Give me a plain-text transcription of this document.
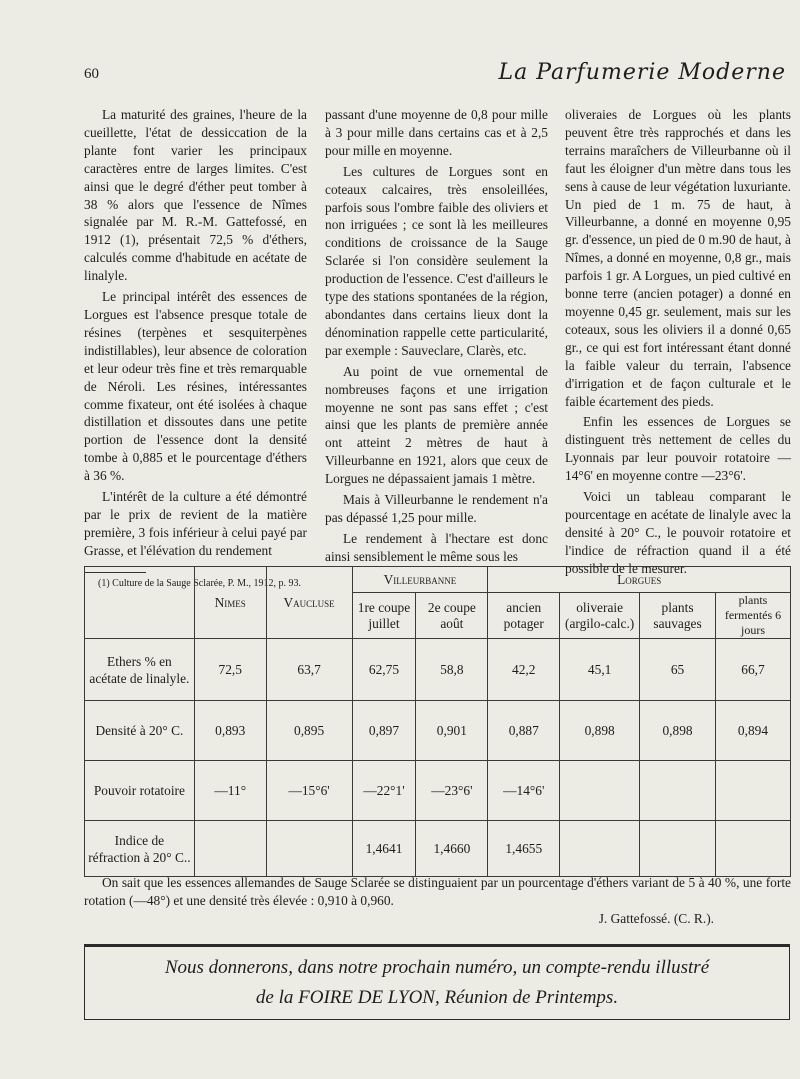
60	La Parfumerie Moderne

La maturité des graines, l'heure de la cueillette, l'état de dessiccation de la plante font varier les principaux caractères entre de larges limites. C'est ainsi que le degré d'éther peut tomber à 38 % alors que l'essence de Nîmes signalée par M. R.-M. Gattefossé, en 1912 (1), présentait 72,5 % d'éthers, calculés comme d'habitude en acétate de linalyle.

Le principal intérêt des essences de Lorgues est l'absence presque totale de résines (terpènes et sesquiterpènes indistillables), leur absence de coloration et leur odeur très fine et très remarquable de Néroli. Les résines, intéressantes comme fixateur, ont été isolées à chaque distillation et dissoutes dans une petite portion de l'essence dont la densité tombe à 0,885 et le pourcentage d'éthers à 36 %.

L'intérêt de la culture a été démontré par le prix de revient de la matière première, 3 fois inférieur à celui payé par Grasse, et l'élévation du rendement

(1) Culture de la Sauge Sclarée, P. M., 1912, p. 93.

passant d'une moyenne de 0,8 pour mille à 3 pour mille dans certains cas et à 2,5 pour mille en moyenne.

Les cultures de Lorgues sont en coteaux calcaires, très ensoleillées, parfois sous l'ombre faible des oliviers et non irriguées ; ce sont là les meilleures conditions de croissance de la Sauge Sclarée si l'on considère seulement la production de l'essence. C'est d'ailleurs le type des stations spontanées de la région, abondantes dans certains lieux dont la dénomination rappelle cette particularité, par exemple : Sauveclare, Clarès, etc.

Au point de vue ornemental de nombreuses façons et une irrigation moyenne ne sont pas sans effet ; c'est ainsi que les plants de première année ont atteint 2 mètres de haut à Villeurbanne en 1921, alors que ceux de Lorgues ne dépassaient jamais 1 mètre.

Mais à Villeurbanne le rendement n'a pas dépassé 1,25 pour mille.

Le rendement à l'hectare est donc ainsi sensiblement le même sous les

oliveraies de Lorgues où les plants peuvent être très rapprochés et dans les terrains maraîchers de Villeurbanne où il faut les éloigner d'un mètre dans tous les sens à cause de leur végétation luxuriante. Un pied de 1 m. 75 de haut, à Villeurbanne, a donné en moyenne 0,95 gr. d'essence, un pied de 0 m.90 de haut, à Nîmes, a donné en moyenne, 0,8 gr., mais parfois 1 gr. A Lorgues, un pied cultivé en bonne terre (ancien potager) a donné en moyenne 0,45 gr. seulement, mais sur les coteaux, sous les oliviers il a donné 0,65 gr., ce qui est fort intéressant étant donné la faible valeur du terrain, l'absence d'irrigation et de façon culturale et le faible écartement des pieds.

Enfin les essences de Lorgues se distinguent très nettement de celles du Lyonnais par leur pouvoir rotatoire —14°6' en moyenne contre —23°6'.

Voici un tableau comparant le pourcentage en acétate de linalyle avec la densité à 20° C., le pouvoir rotatoire et l'indice de réfraction quand il a été possible de le mesurer.

	Nimes	Vaucluse	Villeurbanne		Lorgues			
			1re coupe juillet	2e coupe août	ancien potager	oliveraie (argilo-calc.)	plants sauvages	plants fermentés 6 jours
Ethers % en acétate de linalyle.	72,5	63,7	62,75	58,8	42,2	45,1	65	66,7
Densité à 20° C.	0,893	0,895	0,897	0,901	0,887	0,898	0,898	0,894
Pouvoir rotatoire	—11°	—15°6'	—22°1'	—23°6'	—14°6'			
Indice de réfraction à 20° C..			1,4641	1,4660	1,4655			
On sait que les essences allemandes de Sauge Sclarée se distinguaient par un pourcentage d'éthers variant de 5 à 40 %, une forte rotation (—48°) et une densité très élevée : 0,910 à 0,960.
J. Gattefossé. (C. R.).
Nous donnerons, dans notre prochain numéro, un compte-rendu illustré
de la FOIRE DE LYON, Réunion de Printemps.
